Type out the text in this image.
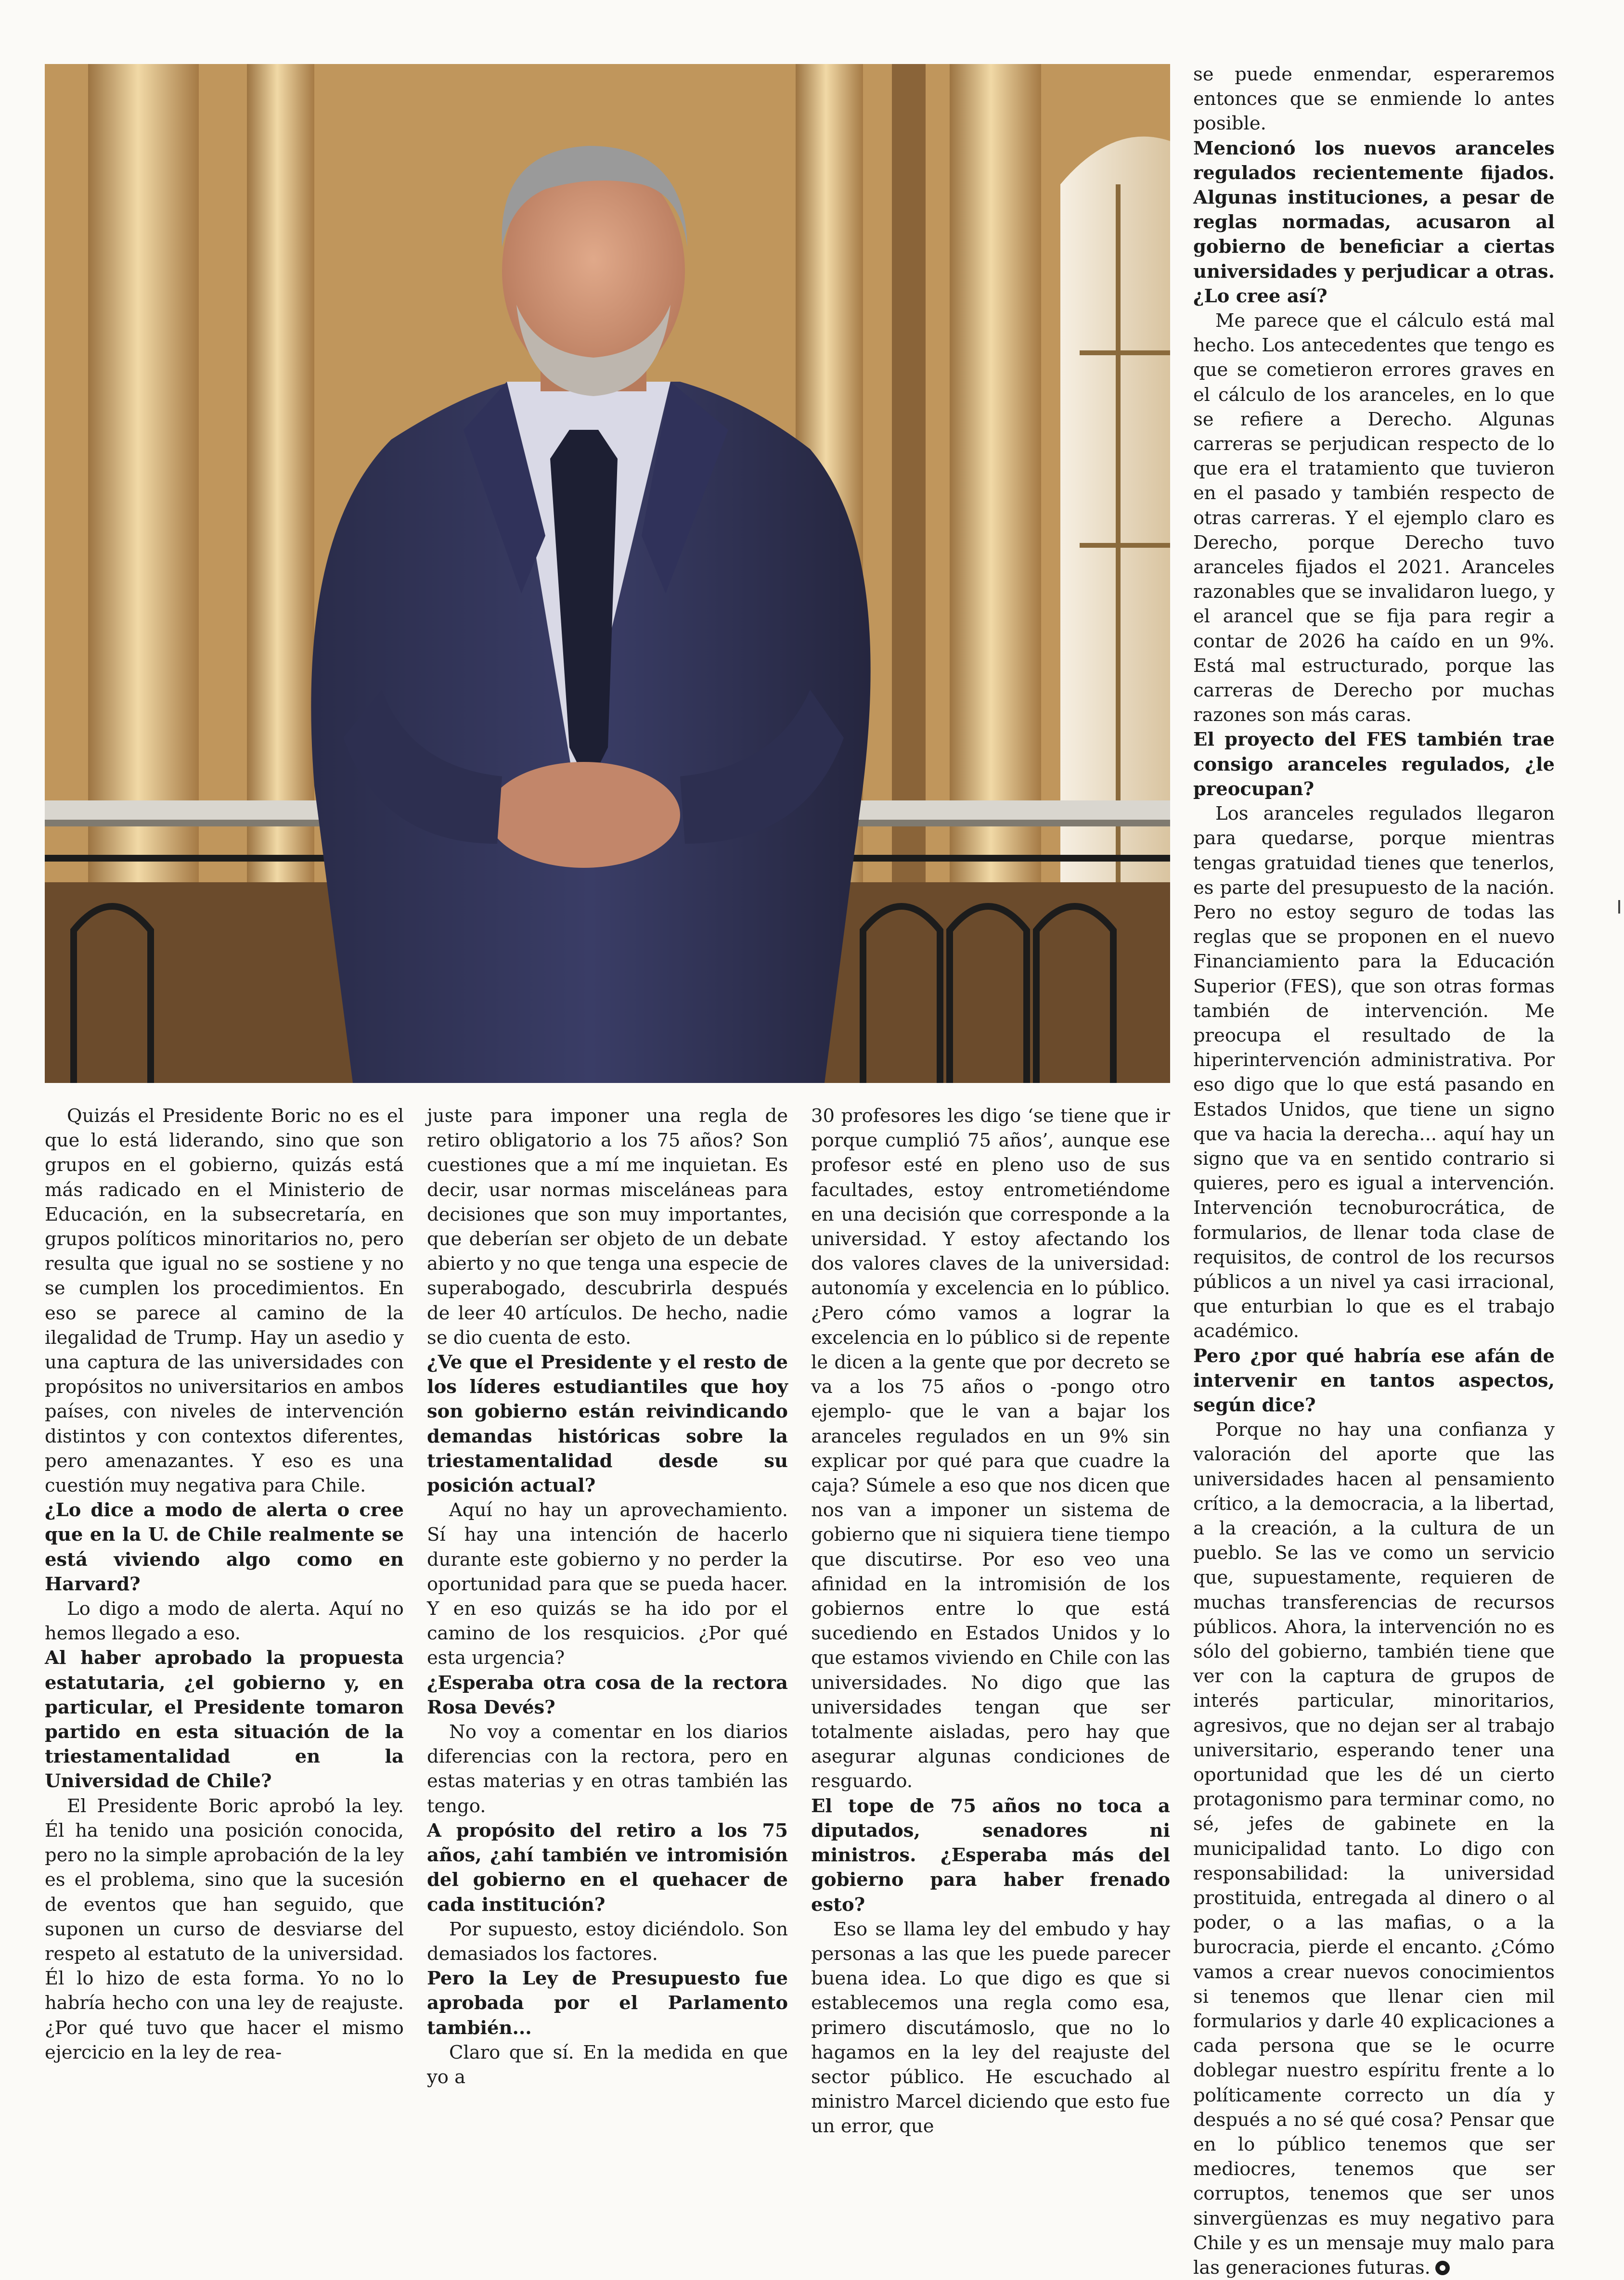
Quizás el Presidente Boric no es el que lo está liderando, sino que son grupos en el gobierno, quizás está más radicado en el Ministerio de Educación, en la subsecretaría, en grupos políticos minoritarios no, pero resulta que igual no se sostiene y no se cumplen los procedimientos. En eso se parece al camino de la ilegalidad de Trump. Hay un asedio y una captura de las universidades con propósitos no universitarios en ambos países, con niveles de intervención distintos y con contextos diferentes, pero amenazantes. Y eso es una cuestión muy negativa para Chile.

¿Lo dice a modo de alerta o cree que en la U. de Chile realmente se está viviendo algo como en Harvard?

Lo digo a modo de alerta. Aquí no hemos llegado a eso.

Al haber aprobado la propuesta estatutaria, ¿el gobierno y, en particular, el Presidente tomaron partido en esta situación de la triestamentalidad en la Universidad de Chile?

El Presidente Boric aprobó la ley. Él ha tenido una posición conocida, pero no la simple aprobación de la ley es el problema, sino que la sucesión de eventos que han seguido, que suponen un curso de desviarse del respeto al estatuto de la universidad. Él lo hizo de esta forma. Yo no lo habría hecho con una ley de reajuste. ¿Por qué tuvo que hacer el mismo ejercicio en la ley de rea-

juste para imponer una regla de retiro obligatorio a los 75 años? Son cuestiones que a mí me inquietan. Es decir, usar normas misceláneas para decisiones que son muy importantes, que deberían ser objeto de un debate abierto y no que tenga una especie de superabogado, descubrirla después de leer 40 artículos. De hecho, nadie se dio cuenta de esto.

¿Ve que el Presidente y el resto de los líderes estudiantiles que hoy son gobierno están reivindicando demandas históricas sobre la triestamentalidad desde su posición actual?

Aquí no hay un aprovechamiento. Sí hay una intención de hacerlo durante este gobierno y no perder la oportunidad para que se pueda hacer. Y en eso quizás se ha ido por el camino de los resquicios. ¿Por qué esta urgencia?

¿Esperaba otra cosa de la rectora Rosa Devés?

No voy a comentar en los diarios diferencias con la rectora, pero en estas materias y en otras también las tengo.

A propósito del retiro a los 75 años, ¿ahí también ve intromisión del gobierno en el quehacer de cada institución?

Por supuesto, estoy diciéndolo. Son demasiados los factores.

Pero la Ley de Presupuesto fue aprobada por el Parlamento también...

Claro que sí. En la medida en que yo a

30 profesores les digo ‘se tiene que ir porque cumplió 75 años’, aunque ese profesor esté en pleno uso de sus facultades, estoy entrometiéndome en una decisión que corresponde a la universidad. Y estoy afectando los dos valores claves de la universidad: autonomía y excelencia en lo público. ¿Pero cómo vamos a lograr la excelencia en lo público si de repente le dicen a la gente que por decreto se va a los 75 años o -pongo otro ejemplo- que le van a bajar los aranceles regulados en un 9% sin explicar por qué para que cuadre la caja? Súmele a eso que nos dicen que nos van a imponer un sistema de gobierno que ni siquiera tiene tiempo que discutirse. Por eso veo una afinidad en la intromisión de los gobiernos entre lo que está sucediendo en Estados Unidos y lo que estamos viviendo en Chile con las universidades. No digo que las universidades tengan que ser totalmente aisladas, pero hay que asegurar algunas condiciones de resguardo.

El tope de 75 años no toca a diputados, senadores ni ministros. ¿Esperaba más del gobierno para haber frenado esto?

Eso se llama ley del embudo y hay personas a las que les puede parecer buena idea. Lo que digo es que si establecemos una regla como esa, primero discutámoslo, que no lo hagamos en la ley del reajuste del sector público. He escuchado al ministro Marcel diciendo que esto fue un error, que

se puede enmendar, esperaremos entonces que se enmiende lo antes posible.

Mencionó los nuevos aranceles regulados recientemente fijados. Algunas instituciones, a pesar de reglas normadas, acusaron al gobierno de beneficiar a ciertas universidades y perjudicar a otras. ¿Lo cree así?

Me parece que el cálculo está mal hecho. Los antecedentes que tengo es que se cometieron errores graves en el cálculo de los aranceles, en lo que se refiere a Derecho. Algunas carreras se perjudican respecto de lo que era el tratamiento que tuvieron en el pasado y también respecto de otras carreras. Y el ejemplo claro es Derecho, porque Derecho tuvo aranceles fijados el 2021. Aranceles razonables que se invalidaron luego, y el arancel que se fija para regir a contar de 2026 ha caído en un 9%. Está mal estructurado, porque las carreras de Derecho por muchas razones son más caras.

El proyecto del FES también trae consigo aranceles regulados, ¿le preocupan?

Los aranceles regulados llegaron para quedarse, porque mientras tengas gratuidad tienes que tenerlos, es parte del presupuesto de la nación. Pero no estoy seguro de todas las reglas que se proponen en el nuevo Financiamiento para la Educación Superior (FES), que son otras formas también de intervención. Me preocupa el resultado de la hiperintervención administrativa. Por eso digo que lo que está pasando en Estados Unidos, que tiene un signo que va hacia la derecha... aquí hay un signo que va en sentido contrario si quieres, pero es igual a intervención. Intervención tecnoburocrática, de formularios, de llenar toda clase de requisitos, de control de los recursos públicos a un nivel ya casi irracional, que enturbian lo que es el trabajo académico.

Pero ¿por qué habría ese afán de intervenir en tantos aspectos, según dice?

Porque no hay una confianza y valoración del aporte que las universidades hacen al pensamiento crítico, a la democracia, a la libertad, a la creación, a la cultura de un pueblo. Se las ve como un servicio que, supuestamente, requieren de muchas transferencias de recursos públicos. Ahora, la intervención no es sólo del gobierno, también tiene que ver con la captura de grupos de interés particular, minoritarios, agresivos, que no dejan ser al trabajo universitario, esperando tener una oportunidad que les dé un cierto protagonismo para terminar como, no sé, jefes de gabinete en la municipalidad tanto. Lo digo con responsabilidad: la universidad prostituida, entregada al dinero o al poder, o a las mafias, o a la burocracia, pierde el encanto. ¿Cómo vamos a crear nuevos conocimientos si tenemos que llenar cien mil formularios y darle 40 explicaciones a cada persona que se le ocurre doblegar nuestro espíritu frente a lo políticamente correcto un día y después a no sé qué cosa? Pensar que en lo público tenemos que ser mediocres, tenemos que ser corruptos, tenemos que ser unos sinvergüenzas es muy negativo para Chile y es un mensaje muy malo para las generaciones futuras.
